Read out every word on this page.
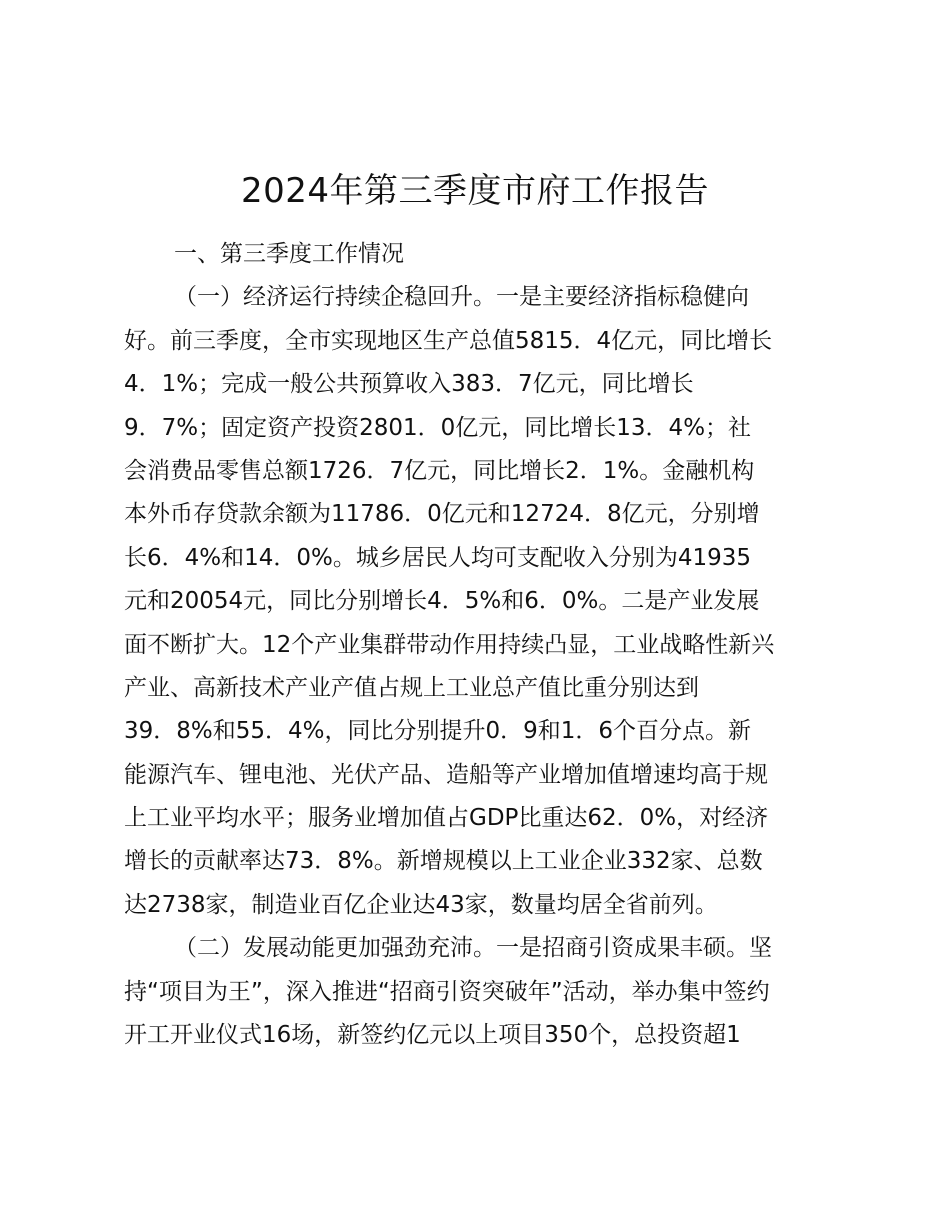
2024年第三季度市府工作报告
一、第三季度工作情况
（一）经济运行持续企稳回升。一是主要经济指标稳健向
好。前三季度，全市实现地区生产总值5815．4亿元，同比增长
4．1%；完成一般公共预算收入383．7亿元，同比增长
9．7%；固定资产投资2801．0亿元，同比增长13．4%；社
会消费品零售总额1726．7亿元，同比增长2．1%。金融机构
本外币存贷款余额为11786．0亿元和12724．8亿元，分别增
长6．4%和14．0%。城乡居民人均可支配收入分别为41935
元和20054元，同比分别增长4．5%和6．0%。二是产业发展
面不断扩大。12个产业集群带动作用持续凸显，工业战略性新兴
产业、高新技术产业产值占规上工业总产值比重分别达到
39．8%和55．4%，同比分别提升0．9和1．6个百分点。新
能源汽车、锂电池、光伏产品、造船等产业增加值增速均高于规
上工业平均水平；服务业增加值占GDP比重达62．0%，对经济
增长的贡献率达73．8%。新增规模以上工业企业332家、总数
达2738家，制造业百亿企业达43家，数量均居全省前列。
（二）发展动能更加强劲充沛。一是招商引资成果丰硕。坚
持“项目为王”，深入推进“招商引资突破年”活动，举办集中签约
开工开业仪式16场，新签约亿元以上项目350个，总投资超1
